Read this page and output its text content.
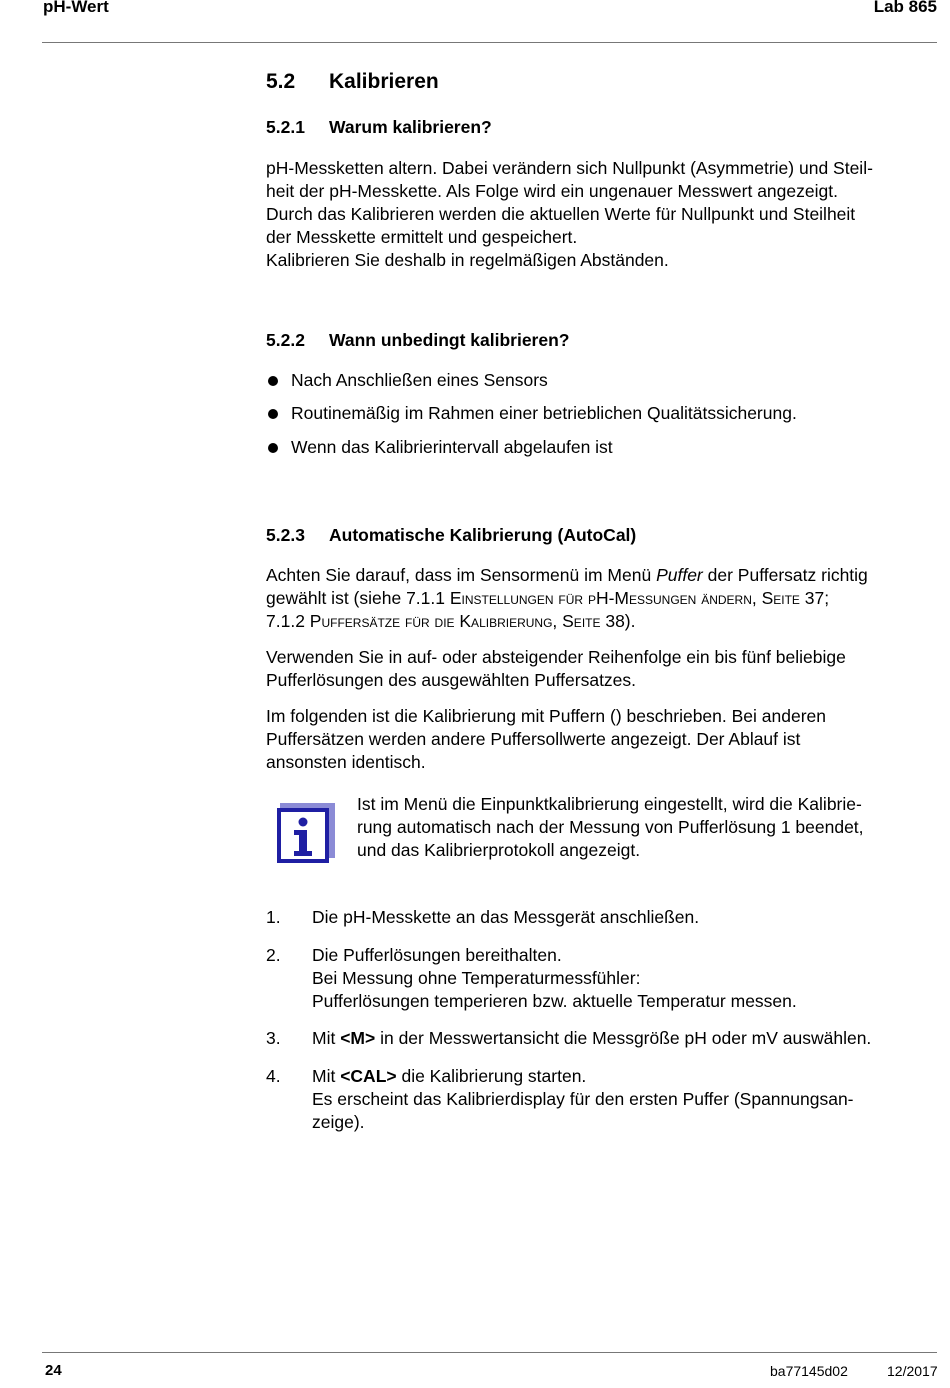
pH-Wert	Lab 865
5.2 Kalibrieren
5.2.1 Warum kalibrieren?
pH-Messketten altern. Dabei verändern sich Nullpunkt (Asymmetrie) und Steil-
heit der pH-Messkette. Als Folge wird ein ungenauer Messwert angezeigt.
Durch das Kalibrieren werden die aktuellen Werte für Nullpunkt und Steilheit
der Messkette ermittelt und gespeichert.
Kalibrieren Sie deshalb in regelmäßigen Abständen.
5.2.2 Wann unbedingt kalibrieren?
Nach Anschließen eines Sensors
Routinemäßig im Rahmen einer betrieblichen Qualitätssicherung.
Wenn das Kalibrierintervall abgelaufen ist
5.2.3 Automatische Kalibrierung (AutoCal)
Achten Sie darauf, dass im Sensormenü im Menü Puffer der Puffersatz richtig
gewählt ist (siehe 7.1.1 Einstellungen für pH-Messungen ändern, Seite 37;
7.1.2 Puffersätze für die Kalibrierung, Seite 38).
Verwenden Sie in auf- oder absteigender Reihenfolge ein bis fünf beliebige
Pufferlösungen des ausgewählten Puffersatzes.
Im folgenden ist die Kalibrierung mit Puffern () beschrieben. Bei anderen
Puffersätzen werden andere Puffersollwerte angezeigt. Der Ablauf ist
ansonsten identisch.
1. Die pH-Messkette an das Messgerät anschließen.
2. Die Pufferlösungen bereithalten.
Bei Messung ohne Temperaturmessfühler:
Pufferlösungen temperieren bzw. aktuelle Temperatur messen.
3. Mit <M> in der Messwertansicht die Messgröße pH oder mV auswählen.
4. Mit <CAL> die Kalibrierung starten.
Es erscheint das Kalibrierdisplay für den ersten Puffer (Spannungsan-
zeige).
Ist im Menü die Einpunktkalibrierung eingestellt, wird die Kalibrie-
rung automatisch nach der Messung von Pufferlösung 1 beendet,
und das Kalibrierprotokoll angezeigt.
24	ba77145d02	12/2017
